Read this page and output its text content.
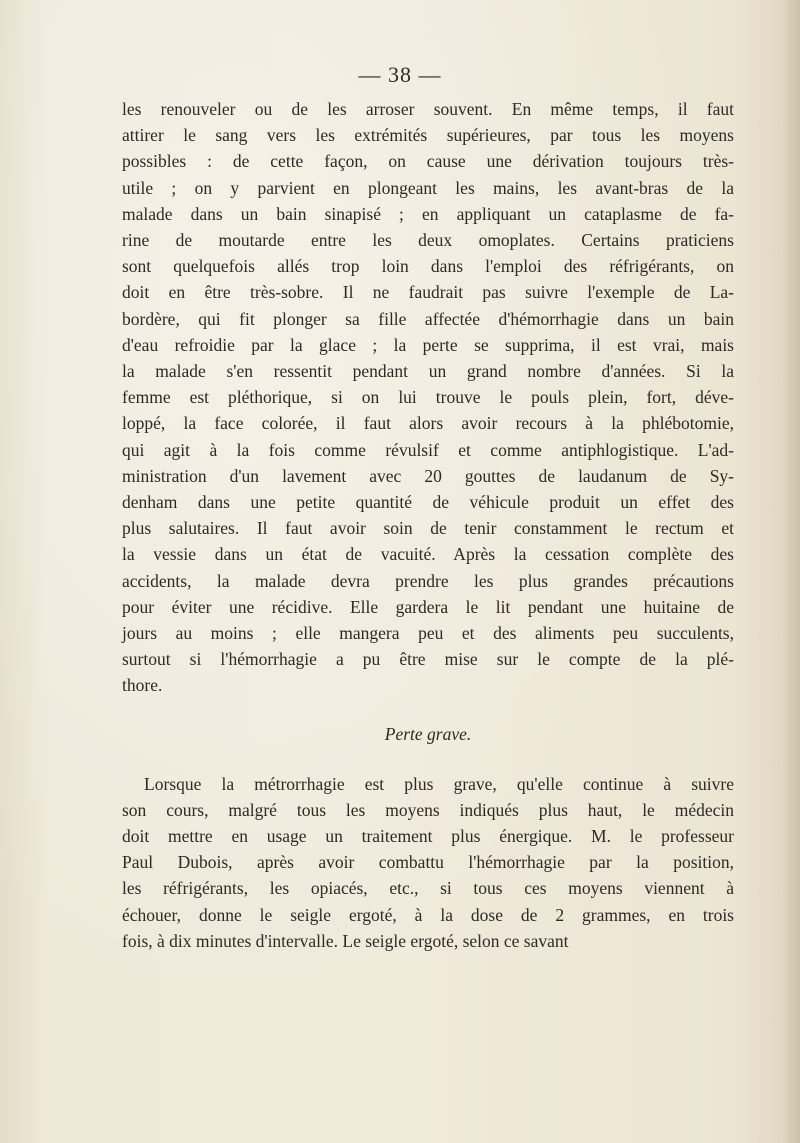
— 38 —

les renouveler ou de les arroser souvent. En même temps, il faut
attirer le sang vers les extrémités supérieures, par tous les moyens
possibles : de cette façon, on cause une dérivation toujours très-
utile ; on y parvient en plongeant les mains, les avant-bras de la
malade dans un bain sinapisé ; en appliquant un cataplasme de fa-
rine de moutarde entre les deux omoplates. Certains praticiens
sont quelquefois allés trop loin dans l'emploi des réfrigérants, on
doit en être très-sobre. Il ne faudrait pas suivre l'exemple de La-
bordère, qui fit plonger sa fille affectée d'hémorrhagie dans un bain
d'eau refroidie par la glace ; la perte se supprima, il est vrai, mais
la malade s'en ressentit pendant un grand nombre d'années. Si la
femme est pléthorique, si on lui trouve le pouls plein, fort, déve-
loppé, la face colorée, il faut alors avoir recours à la phlébotomie,
qui agit à la fois comme révulsif et comme antiphlogistique. L'ad-
ministration d'un lavement avec 20 gouttes de laudanum de Sy-
denham dans une petite quantité de véhicule produit un effet des
plus salutaires. Il faut avoir soin de tenir constamment le rectum et
la vessie dans un état de vacuité. Après la cessation complète des
accidents, la malade devra prendre les plus grandes précautions
pour éviter une récidive. Elle gardera le lit pendant une huitaine de
jours au moins ; elle mangera peu et des aliments peu succulents,
surtout si l'hémorrhagie a pu être mise sur le compte de la plé-
thore.

Perte grave.

Lorsque la métrorrhagie est plus grave, qu'elle continue à suivre
son cours, malgré tous les moyens indiqués plus haut, le médecin
doit mettre en usage un traitement plus énergique. M. le professeur
Paul Dubois, après avoir combattu l'hémorrhagie par la position,
les réfrigérants, les opiacés, etc., si tous ces moyens viennent à
échouer, donne le seigle ergoté, à la dose de 2 grammes, en trois
fois, à dix minutes d'intervalle. Le seigle ergoté, selon ce savant
